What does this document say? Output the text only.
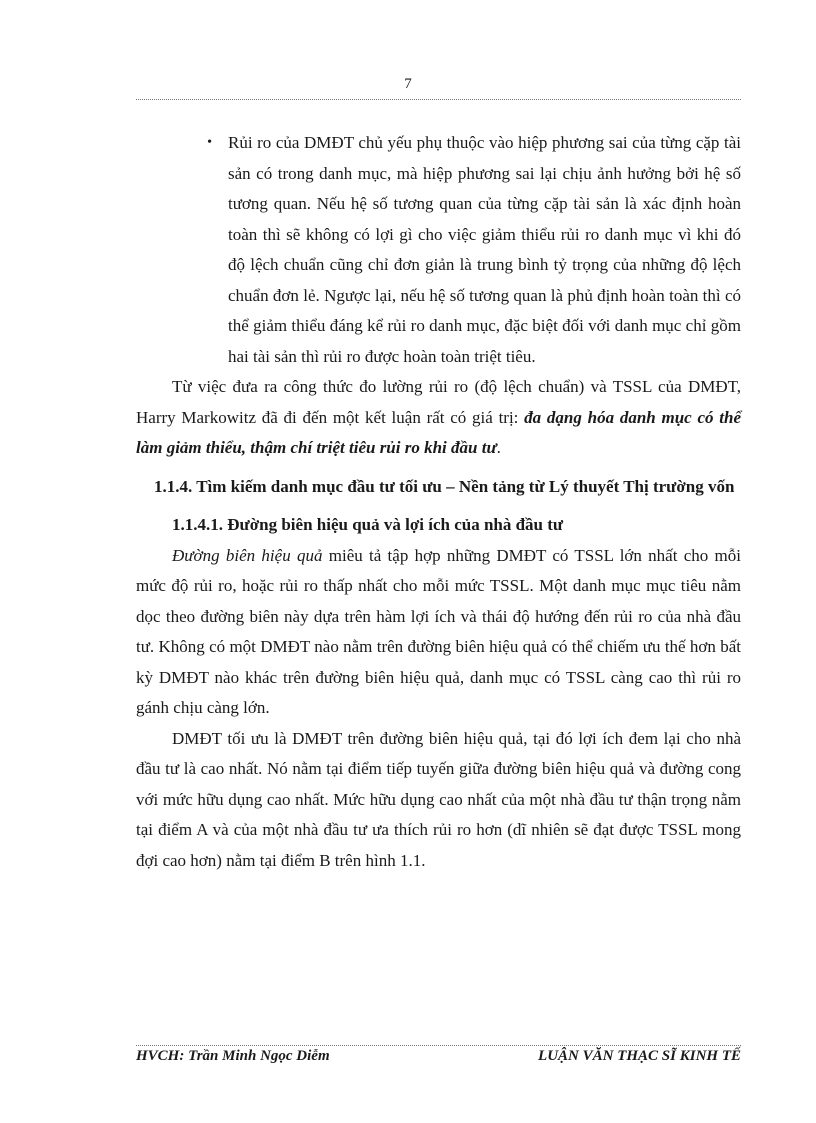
7
• Rủi ro của DMĐT chủ yếu phụ thuộc vào hiệp phương sai của từng cặp tài sản có trong danh mục, mà hiệp phương sai lại chịu ảnh hưởng bởi hệ số tương quan. Nếu hệ số tương quan của từng cặp tài sản là xác định hoàn toàn thì sẽ không có lợi gì cho việc giảm thiểu rủi ro danh mục vì khi đó độ lệch chuẩn cũng chỉ đơn giản là trung bình tỷ trọng của những độ lệch chuẩn đơn lẻ. Ngược lại, nếu hệ số tương quan là phủ định hoàn toàn thì có thể giảm thiểu đáng kể rủi ro danh mục, đặc biệt đối với danh mục chỉ gồm hai tài sản thì rủi ro được hoàn toàn triệt tiêu.

Từ việc đưa ra công thức đo lường rủi ro (độ lệch chuẩn) và TSSL của DMĐT, Harry Markowitz đã đi đến một kết luận rất có giá trị: đa dạng hóa danh mục có thể làm giảm thiểu, thậm chí triệt tiêu rủi ro khi đầu tư.

1.1.4. Tìm kiếm danh mục đầu tư tối ưu – Nền tảng từ Lý thuyết Thị trường vốn

1.1.4.1. Đường biên hiệu quả và lợi ích của nhà đầu tư

Đường biên hiệu quả miêu tả tập hợp những DMĐT có TSSL lớn nhất cho mỗi mức độ rủi ro, hoặc rủi ro thấp nhất cho mỗi mức TSSL. Một danh mục mục tiêu nằm dọc theo đường biên này dựa trên hàm lợi ích và thái độ hướng đến rủi ro của nhà đầu tư. Không có một DMĐT nào nằm trên đường biên hiệu quả có thể chiếm ưu thế hơn bất kỳ DMĐT nào khác trên đường biên hiệu quả, danh mục có TSSL càng cao thì rủi ro gánh chịu càng lớn.

DMĐT tối ưu là DMĐT trên đường biên hiệu quả, tại đó lợi ích đem lại cho nhà đầu tư là cao nhất. Nó nằm tại điểm tiếp tuyến giữa đường biên hiệu quả và đường cong với mức hữu dụng cao nhất. Mức hữu dụng cao nhất của một nhà đầu tư thận trọng nằm tại điểm A và của một nhà đầu tư ưa thích rủi ro hơn (dĩ nhiên sẽ đạt được TSSL mong đợi cao hơn) nằm tại điểm B trên hình 1.1.

HVCH: Trần Minh Ngọc Diễm	LUẬN VĂN THẠC SĨ KINH TẾ
